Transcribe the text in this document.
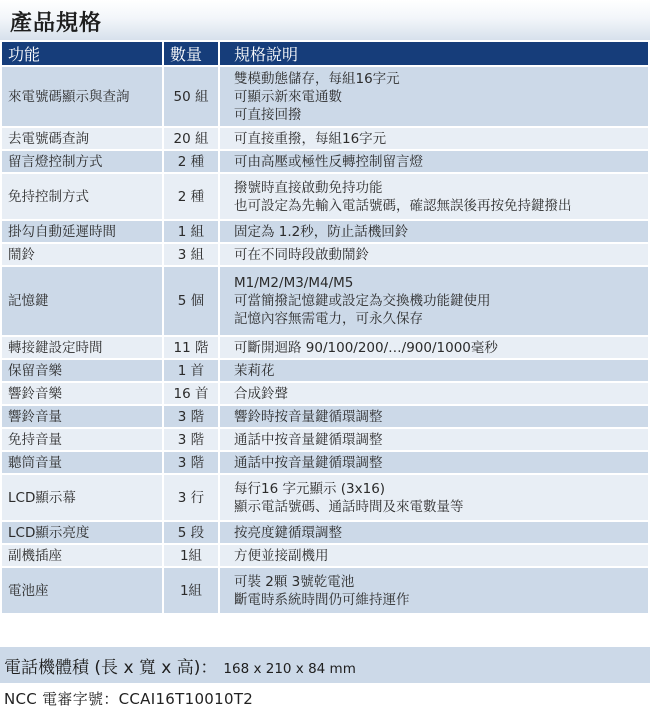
產品規格
功能	數量	規格說明
來電號碼顯示與查詢	50 組	雙模動態儲存，每組16字元
可顯示新來電通數
可直接回撥

去電號碼查詢	20 組	可直接重撥，每組16字元

留言燈控制方式	2 種	可由高壓或極性反轉控制留言燈

免持控制方式	2 種	撥號時直接啟動免持功能
也可設定為先輸入電話號碼，確認無誤後再按免持鍵撥出

掛勾自動延遲時間	1 組	固定為 1.2秒，防止話機回鈴

鬧鈴	3 組	可在不同時段啟動鬧鈴

記憶鍵	5 個	M1/M2/M3/M4/M5
可當簡撥記憶鍵或設定為交換機功能鍵使用
記憶內容無需電力，可永久保存

轉接鍵設定時間	11 階	可斷開迴路 90/100/200/…/900/1000毫秒

保留音樂	1 首	茉莉花

響鈴音樂	16 首	合成鈴聲

響鈴音量	3 階	響鈴時按音量鍵循環調整

免持音量	3 階	通話中按音量鍵循環調整

聽筒音量	3 階	通話中按音量鍵循環調整

LCD顯示幕	3 行	每行16 字元顯示 (3x16)
顯示電話號碼、通話時間及來電數量等

LCD顯示亮度	5 段	按亮度鍵循環調整

副機插座	1組	方便並接副機用

電池座	1組	可裝 2顆 3號乾電池
斷電時系統時間仍可維持運作
電話機體積 (長 x 寬 x 高)： 168 x 210 x 84 mm
NCC 電審字號：CCAI16T10010T2
